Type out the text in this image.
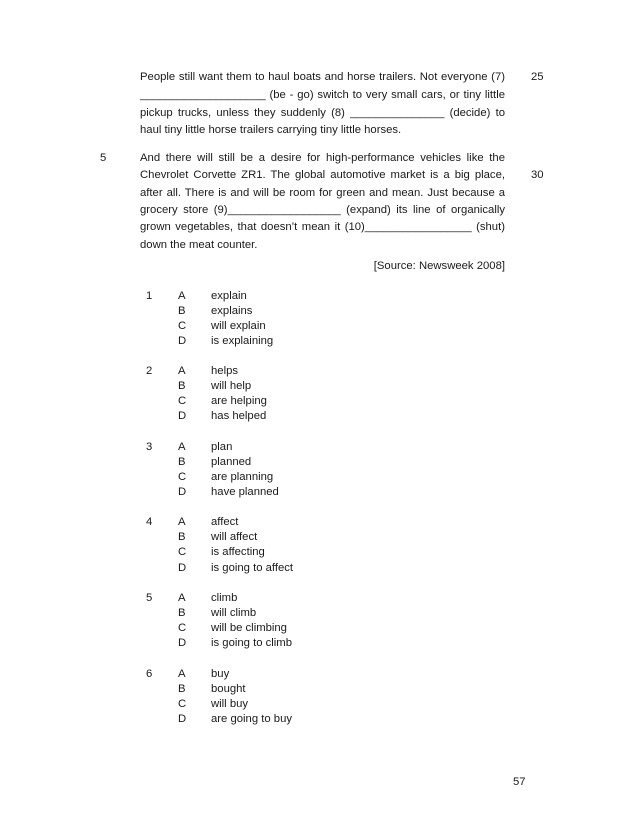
People still want them to haul boats and horse trailers. Not everyone (7)
____________________ (be - go) switch to very small cars, or tiny little
pickup trucks, unless they suddenly (8) _______________ (decide) to
haul tiny little horse trailers carrying tiny little horses.
25
5	And there will still be a desire for high-performance vehicles like the
Chevrolet Corvette ZR1. The global automotive market is a big place,
after all. There is and will be room for green and mean. Just because a
grocery store (9)__________________ (expand) its line of organically
grown vegetables, that doesn’t mean it (10)_________________ (shut)
down the meat counter.
30
[Source: Newsweek 2008]
1 A explain
B explains
C will explain
D is explaining
2 A helps
B will help
C are helping
D has helped
3 A plan
B planned
C are planning
D have planned
4 A affect
B will affect
C is affecting
D is going to affect
5 A climb
B will climb
C will be climbing
D is going to climb
6 A buy
B bought
C will buy
D are going to buy
57
